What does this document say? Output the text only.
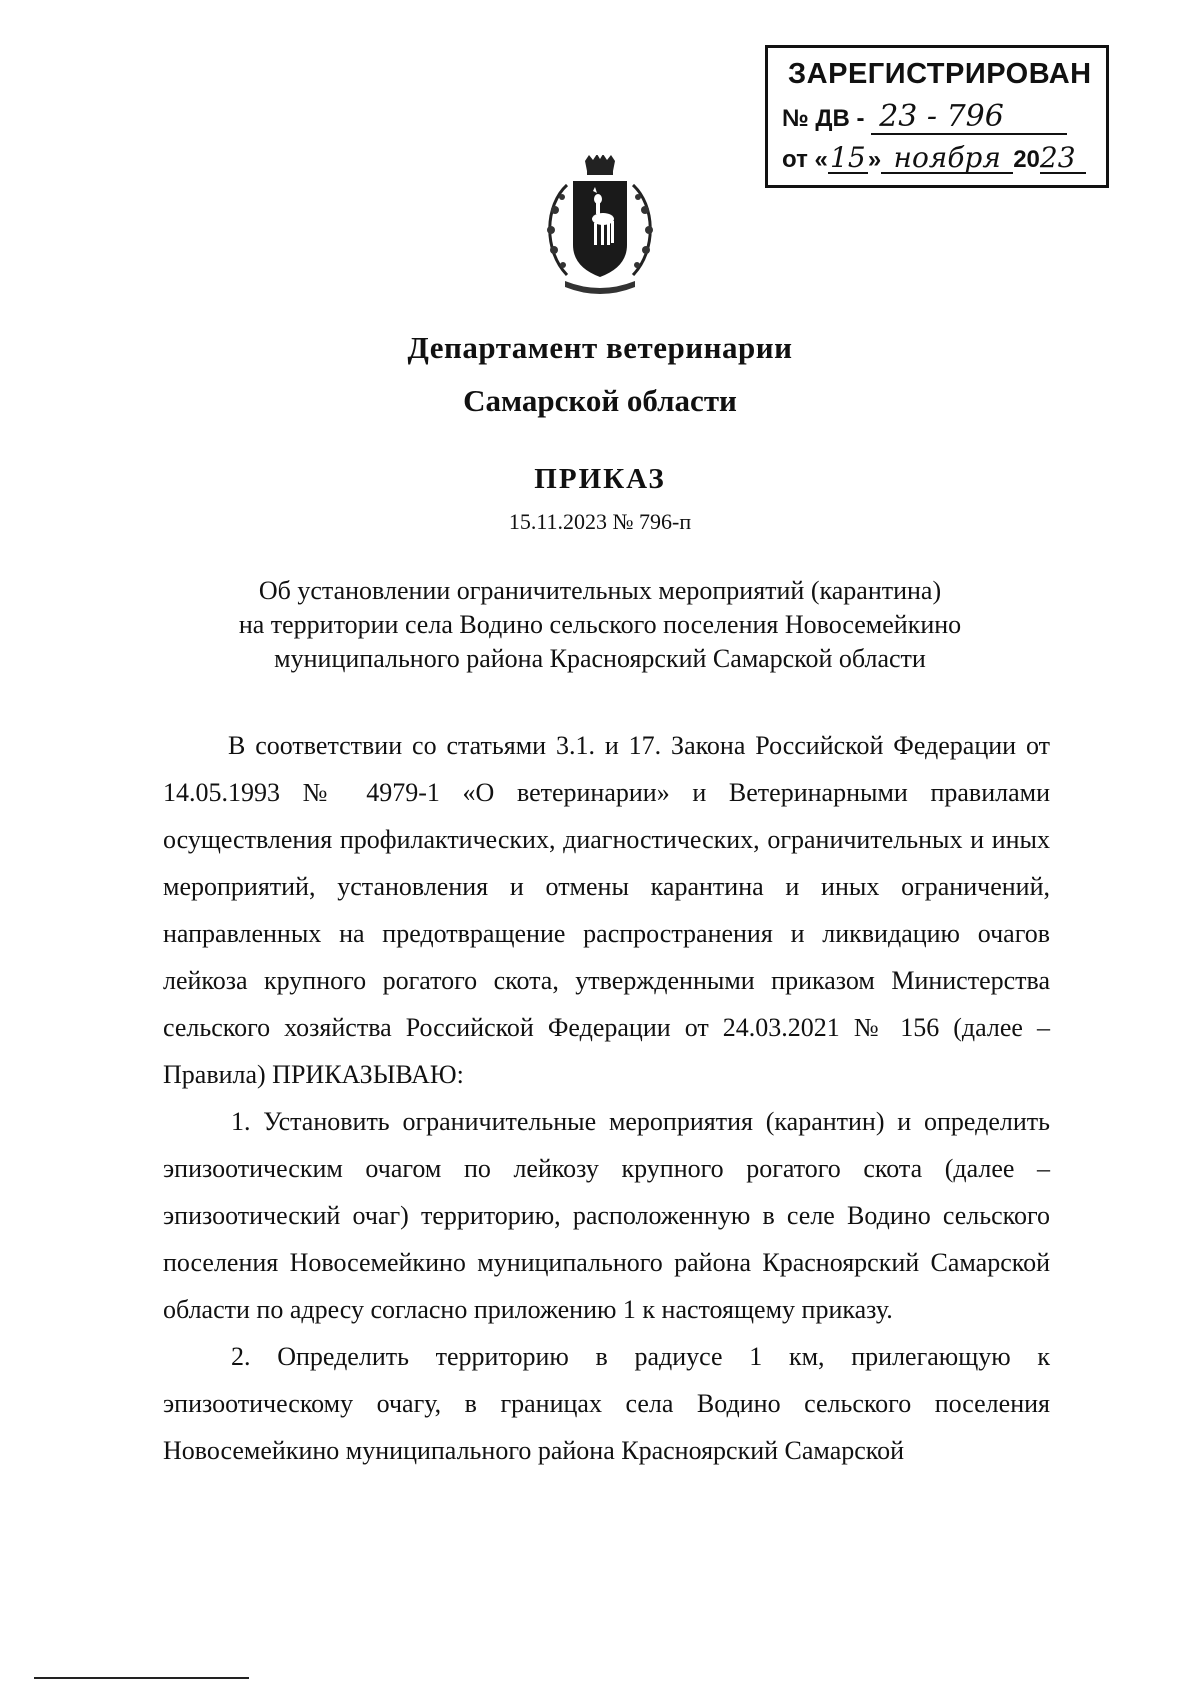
ЗАРЕГИСТРИРОВАН
№ ДВ - 23 - 796
от «15» ноября 2023
Департамент ветеринарии
Самарской области
ПРИКАЗ
15.11.2023 № 796-п
Об установлении ограничительных мероприятий (карантина)
на территории села Водино сельского поселения Новосемейкино
муниципального района Красноярский Самарской области

В соответствии со статьями 3.1. и 17. Закона Российской Федерации от 14.05.1993 № 4979-1 «О ветеринарии» и Ветеринарными правилами осуществления профилактических, диагностических, ограничительных и иных мероприятий, установления и отмены карантина и иных ограничений, направленных на предотвращение распространения и ликвидацию очагов лейкоза крупного рогатого скота, утвержденными приказом Министерства сельского хозяйства Российской Федерации от 24.03.2021 № 156 (далее – Правила) ПРИКАЗЫВАЮ:

1. Установить ограничительные мероприятия (карантин) и определить эпизоотическим очагом по лейкозу крупного рогатого скота (далее – эпизоотический очаг) территорию, расположенную в селе Водино сельского поселения Новосемейкино муниципального района Красноярский Самарской области по адресу согласно приложению 1 к настоящему приказу.

2. Определить территорию в радиусе 1 км, прилегающую к эпизоотическому очагу, в границах села Водино сельского поселения Новосемейкино муниципального района Красноярский Самарской
